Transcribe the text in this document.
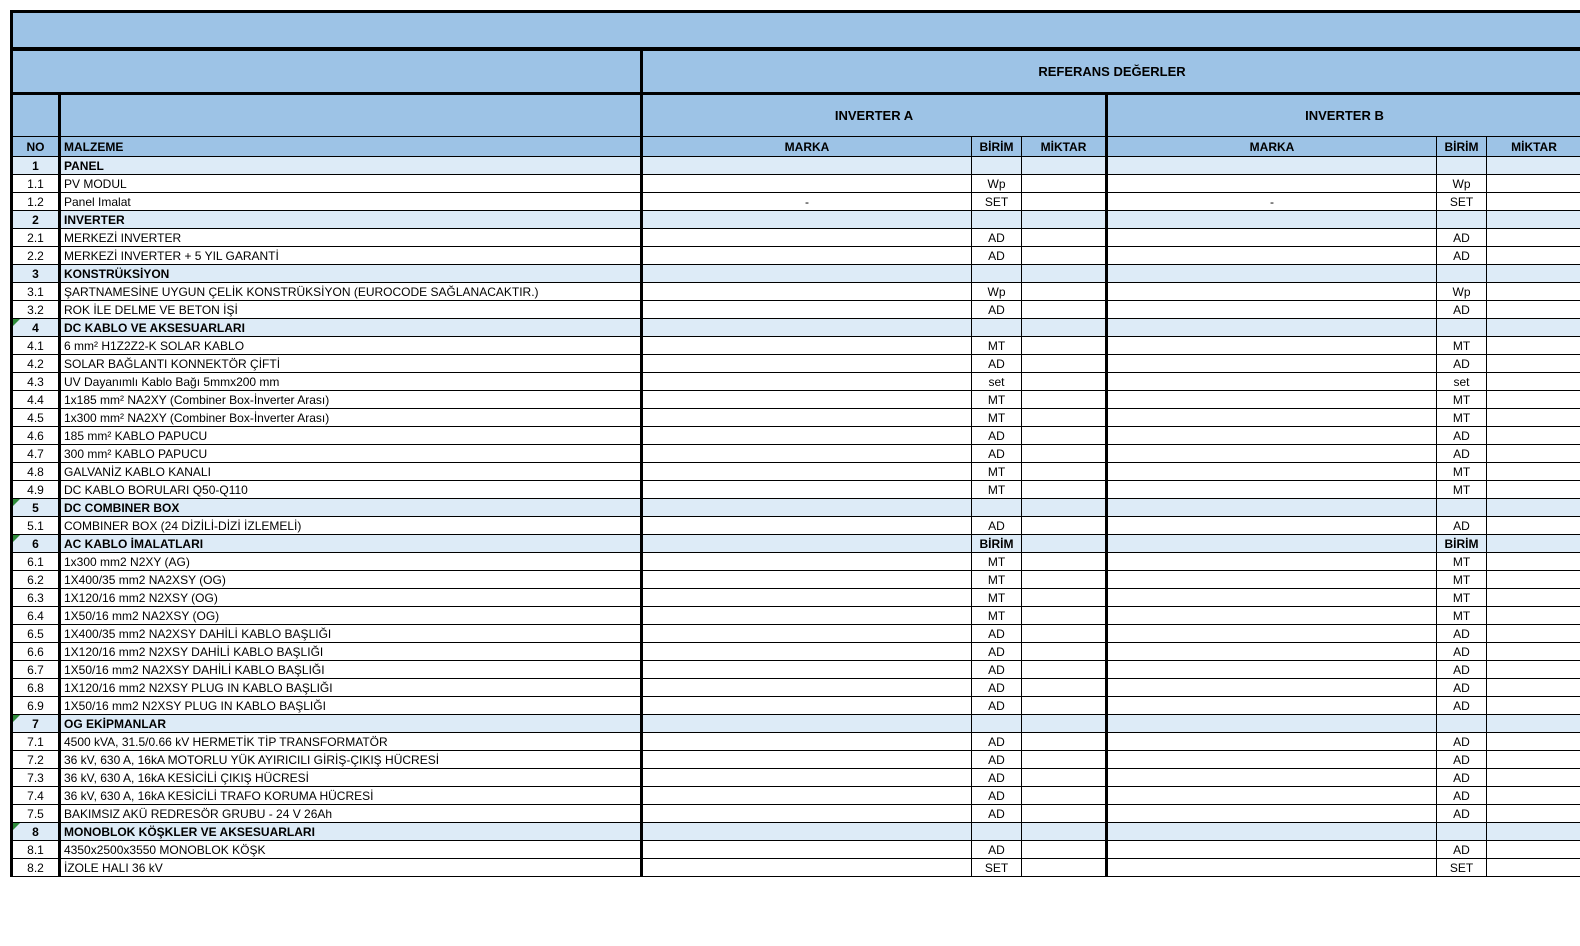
		REFERANS DEĞERLER					
		INVERTER A			INVERTER B		
NO	MALZEME	MARKA	BİRİM	MİKTAR	MARKA	BİRİM	MİKTAR
1	PANEL						
1.1	PV MODUL		Wp			Wp	
1.2	Panel Imalat	-	SET		-	SET	
2	INVERTER						
2.1	MERKEZİ INVERTER		AD			AD	
2.2	MERKEZİ INVERTER + 5 YIL GARANTİ		AD			AD	
3	KONSTRÜKSİYON						
3.1	ŞARTNAMESİNE UYGUN ÇELİK KONSTRÜKSİYON (EUROCODE SAĞLANACAKTIR.)		Wp			Wp	
3.2	ROK İLE DELME VE BETON İŞİ		AD			AD	
4	DC KABLO VE AKSESUARLARI						
4.1	6 mm² H1Z2Z2-K SOLAR KABLO		MT			MT	
4.2	SOLAR BAĞLANTI KONNEKTÖR ÇİFTİ		AD			AD	
4.3	UV Dayanımlı Kablo Bağı 5mmx200 mm		set			set	
4.4	1x185 mm² NA2XY (Combiner Box-İnverter Arası)		MT			MT	
4.5	1x300 mm² NA2XY (Combiner Box-İnverter Arası)		MT			MT	
4.6	185 mm² KABLO PAPUCU		AD			AD	
4.7	300 mm² KABLO PAPUCU		AD			AD	
4.8	GALVANİZ KABLO KANALI		MT			MT	
4.9	DC KABLO BORULARI Q50-Q110		MT			MT	
5	DC COMBINER BOX						
5.1	COMBINER BOX (24 DİZİLİ-DİZİ İZLEMELİ)		AD			AD	
6	AC KABLO İMALATLARI		BİRİM			BİRİM	
6.1	1x300 mm2 N2XY (AG)		MT			MT	
6.2	1X400/35 mm2 NA2XSY (OG)		MT			MT	
6.3	1X120/16 mm2 N2XSY (OG)		MT			MT	
6.4	1X50/16 mm2 NA2XSY (OG)		MT			MT	
6.5	1X400/35 mm2 NA2XSY DAHİLİ KABLO BAŞLIĞI		AD			AD	
6.6	1X120/16 mm2 N2XSY DAHİLİ KABLO BAŞLIĞI		AD			AD	
6.7	1X50/16 mm2 NA2XSY DAHİLİ KABLO BAŞLIĞI		AD			AD	
6.8	1X120/16 mm2 N2XSY PLUG IN KABLO BAŞLIĞI		AD			AD	
6.9	1X50/16 mm2 N2XSY PLUG IN KABLO BAŞLIĞI		AD			AD	
7	OG EKİPMANLAR						
7.1	4500 kVA, 31.5/0.66 kV HERMETİK TİP TRANSFORMATÖR		AD			AD	
7.2	36 kV, 630 A, 16kA MOTORLU YÜK AYIRICILI GİRİŞ-ÇIKIŞ HÜCRESİ		AD			AD	
7.3	36 kV, 630 A, 16kA KESİCİLİ ÇIKIŞ HÜCRESİ		AD			AD	
7.4	36 kV, 630 A, 16kA KESİCİLİ TRAFO KORUMA HÜCRESİ		AD			AD	
7.5	BAKIMSIZ AKÜ REDRESÖR GRUBU - 24 V 26Ah		AD			AD	
8	MONOBLOK KÖŞKLER VE AKSESUARLARI						
8.1	4350x2500x3550 MONOBLOK KÖŞK		AD			AD	
8.2	İZOLE HALI 36 kV		SET			SET	
